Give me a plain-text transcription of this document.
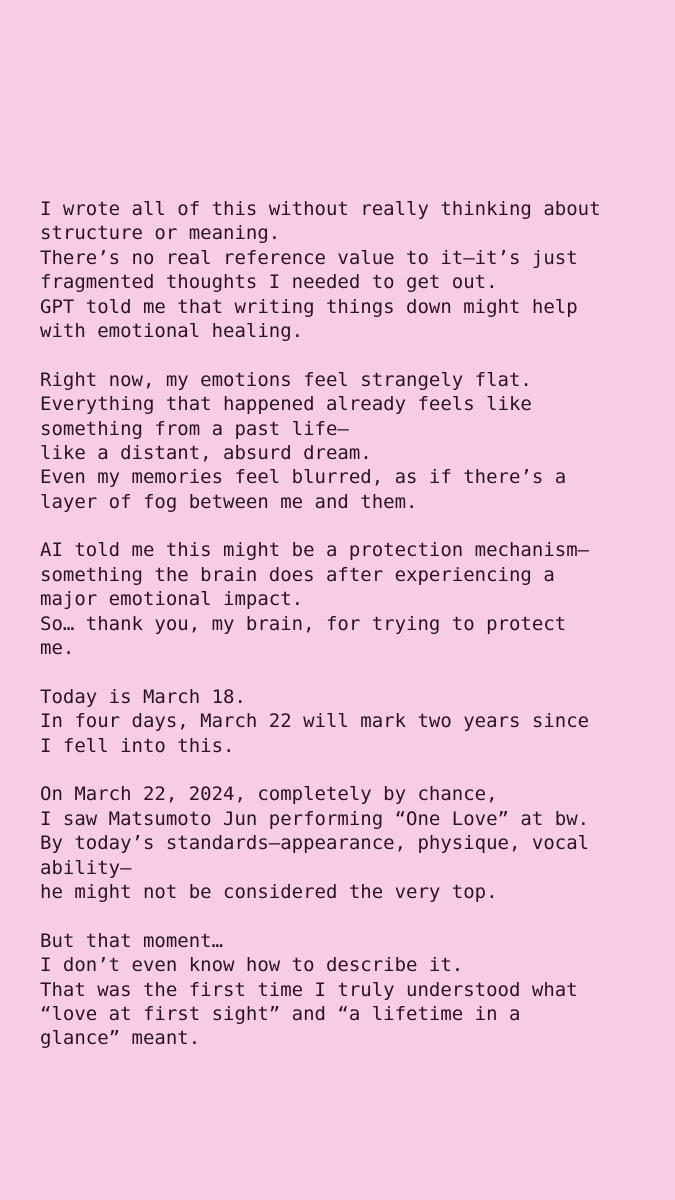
I wrote all of this without really thinking about
structure or meaning.
There’s no real reference value to it—it’s just
fragmented thoughts I needed to get out.
GPT told me that writing things down might help
with emotional healing.
Right now, my emotions feel strangely flat.
Everything that happened already feels like
something from a past life—
like a distant, absurd dream.
Even my memories feel blurred, as if there’s a
layer of fog between me and them.
AI told me this might be a protection mechanism—
something the brain does after experiencing a
major emotional impact.
So… thank you, my brain, for trying to protect
me.
Today is March 18.
In four days, March 22 will mark two years since
I fell into this.
On March 22, 2024, completely by chance,
I saw Matsumoto Jun performing “One Love” at bw.
By today’s standards—appearance, physique, vocal
ability—
he might not be considered the very top.
But that moment…
I don’t even know how to describe it.
That was the first time I truly understood what
“love at first sight” and “a lifetime in a
glance” meant.
